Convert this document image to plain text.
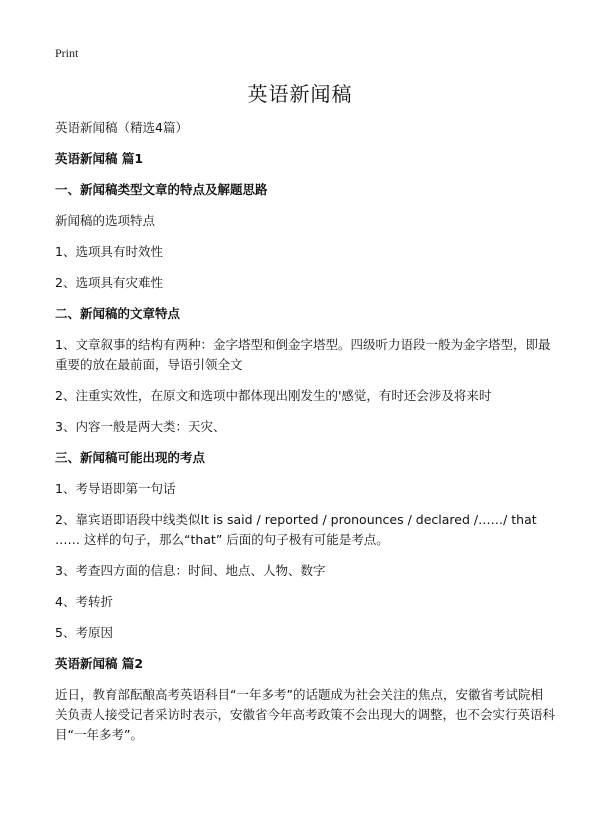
Print
英语新闻稿

英语新闻稿（精选4篇）

英语新闻稿 篇1

一、新闻稿类型文章的特点及解题思路

新闻稿的选项特点

1、选项具有时效性

2、选项具有灾难性

二、新闻稿的文章特点

1、文章叙事的结构有两种：金字塔型和倒金字塔型。四级听力语段一般为金字塔型，即最重要的放在最前面，导语引领全文

2、注重实效性，在原文和选项中都体现出刚发生的'感觉，有时还会涉及将来时

3、内容一般是两大类：天灾、

三、新闻稿可能出现的考点

1、考导语即第一句话

2、靠宾语即语段中线类似It is said / reported / pronounces / declared /……/ that …… 这样的句子，那么“that” 后面的句子极有可能是考点。

3、考查四方面的信息：时间、地点、人物、数字

4、考转折

5、考原因

英语新闻稿 篇2

近日，教育部酝酿高考英语科目“一年多考”的话题成为社会关注的焦点，安徽省考试院相关负责人接受记者采访时表示，安徽省今年高考政策不会出现大的调整，也不会实行英语科目“一年多考”。
